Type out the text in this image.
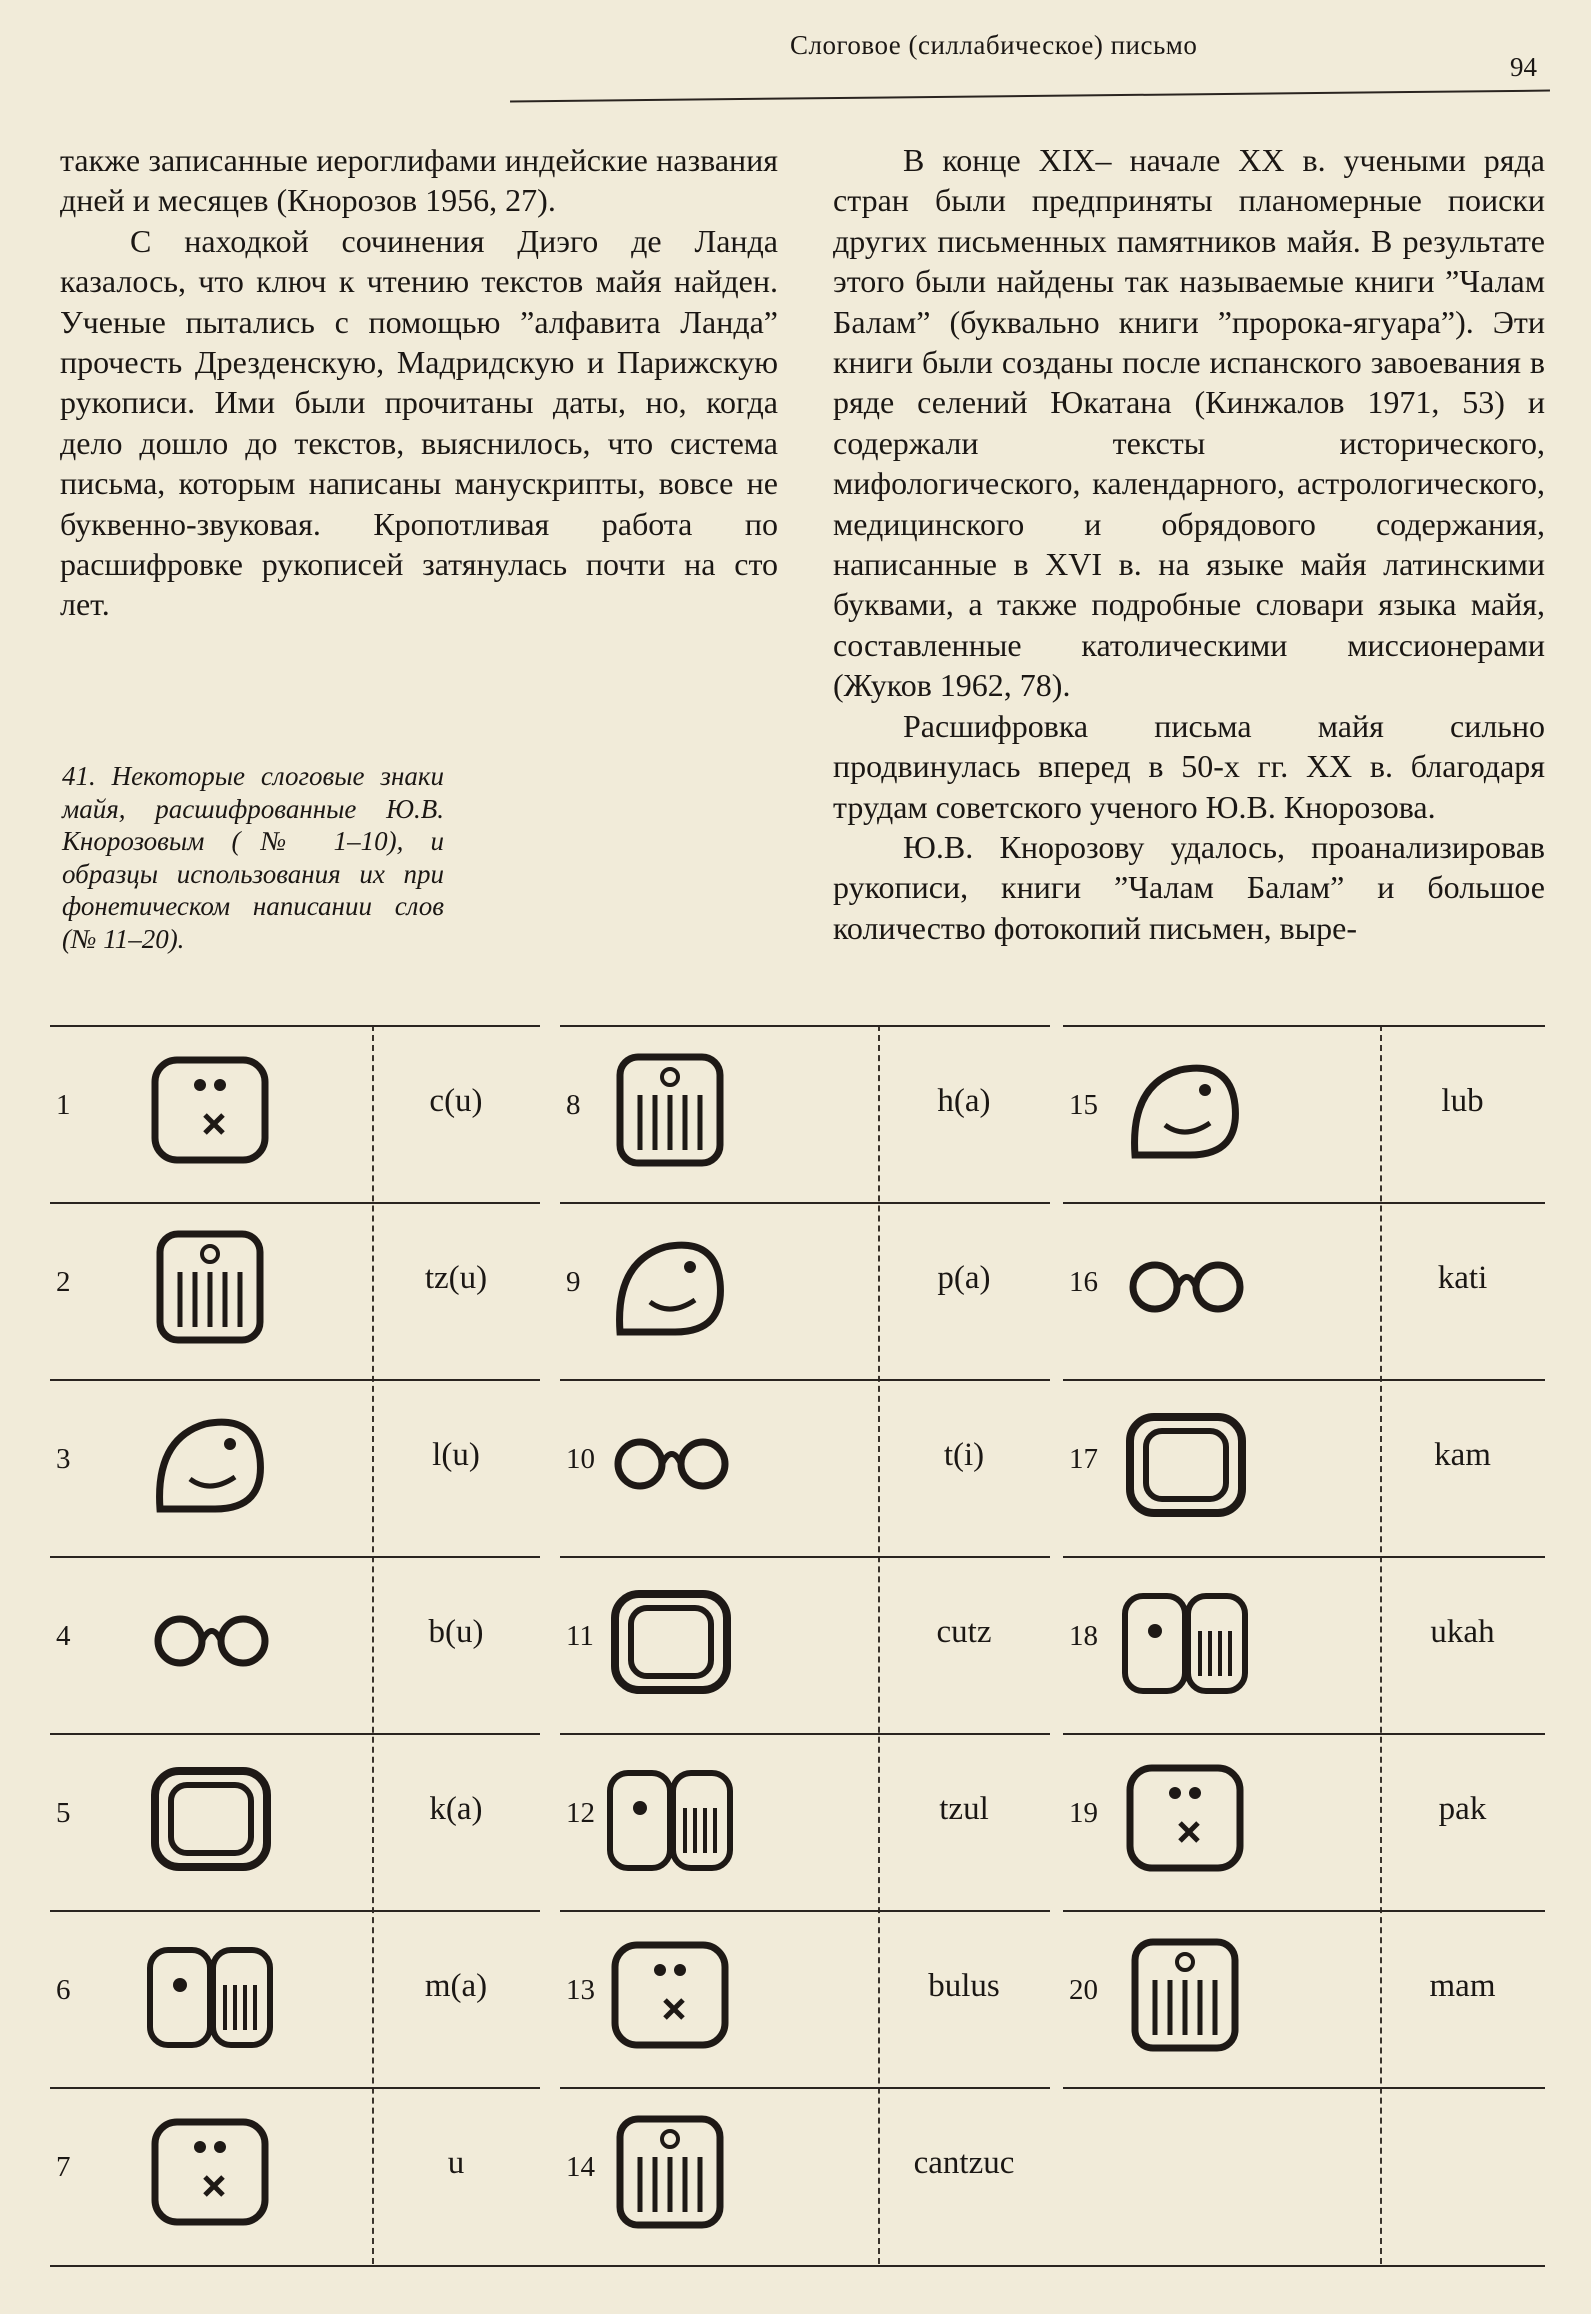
Слоговое (силлабическое) письмо
94

также записанные иероглифами индейские названия дней и месяцев (Кнорозов 1956, 27).

С находкой сочинения Диэго де Ланда казалось, что ключ к чтению текстов майя найден. Ученые пытались с помощью ”алфавита Ланда” прочесть Дрезденскую, Мадридскую и Парижскую рукописи. Ими были прочитаны даты, но, когда дело дошло до текстов, выяснилось, что система письма, которым написаны манускрипты, вовсе не буквенно-звуковая. Кропотливая работа по расшифровке рукописей затянулась почти на сто лет.

41. Некоторые слоговые знаки майя, расшифрованные Ю.В. Кнорозовым (№ 1–10), и образцы использования их при фонетическом написании слов (№ 11–20).

В конце XIX– начале XX в. учеными ряда стран были предприняты планомерные поиски других письменных памятников майя. В результате этого были найдены так называемые книги ”Чалам Балам” (буквально книги ”пророка-ягуара”). Эти книги были созданы после испанского завоевания в ряде селений Юкатана (Кинжалов 1971, 53) и содержали тексты исторического, мифологического, календарного, астрологического, медицинского и обрядового содержания, написанные в XVI в. на языке майя латинскими буквами, а также подробные словари языка майя, составленные католическими миссионерами (Жуков 1962, 78).

Расшифровка письма майя сильно продвинулась вперед в 50-х гг. XX в. благодаря трудам советского ученого Ю.В. Кнорозова.

Ю.В. Кнорозову удалось, проанализировав рукописи, книги ”Чалам Балам” и большое количество фотокопий письмен, выре-

1	c(u)
2	tz(u)
3	l(u)
4	b(u)
5	k(a)
6	m(a)
7	u
8	h(a)
9	p(a)
10	t(i)
11	cutz
12	tzul
13	bulus
14	cantzuc
15	lub
16	kati
17	kam
18	ukah
19	pak
20	mam
